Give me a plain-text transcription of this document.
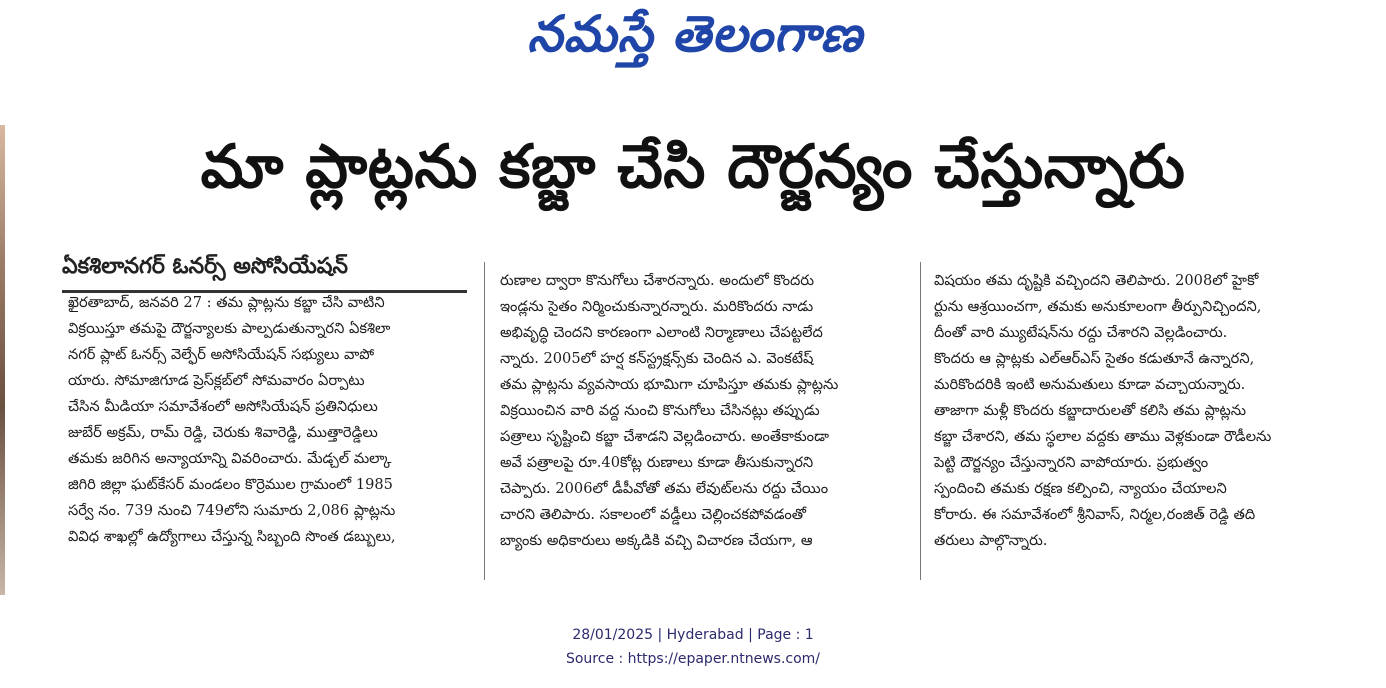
నమస్తే తెలంగాణ
మా ప్లాట్లను కబ్జా చేసి దౌర్జన్యం చేస్తున్నారు
ఏకశిలానగర్ ఓనర్స్ అసోసియేషన్

ఖైరతాబాద్, జనవరి 27 : తమ ప్లాట్లను కబ్జా చేసి వాటిని

విక్రయిస్తూ తమపై దౌర్జన్యాలకు పాల్పడుతున్నారని ఏకశిలా

నగర్ ప్లాట్ ఓనర్స్ వెల్ఫేర్ అసోసియేషన్ సభ్యులు వాపో

యారు. సోమాజిగూడ ప్రెస్‌క్లబ్‌లో సోమవారం ఏర్పాటు

చేసిన మీడియా సమావేశంలో అసోసియేషన్ ప్రతినిధులు

జుబేర్ అక్రమ్, రామ్ రెడ్డి, చెరుకు శివారెడ్డి, ముత్తారెడ్డిలు

తమకు జరిగిన అన్యాయాన్ని వివరించారు. మేడ్చల్ మల్కా

జిగిరి జిల్లా ఘట్‌కేసర్ మండలం కొర్రెముల గ్రామంలో 1985

సర్వే నం. 739 నుంచి 749లోని సుమారు 2,086 ప్లాట్లను

వివిధ శాఖల్లో ఉద్యోగాలు చేస్తున్న సిబ్బంది సొంత డబ్బులు,

రుణాల ద్వారా కొనుగోలు చేశారన్నారు. అందులో కొందరు

ఇండ్లను సైతం నిర్మించుకున్నారన్నారు. మరికొందరు నాడు

అభివృద్ధి చెందని కారణంగా ఎలాంటి నిర్మాణాలు చేపట్టలేద

న్నారు. 2005లో హర్ష కన్‌స్ట్రక్షన్స్‌కు చెందిన ఎ. వెంకటేష్

తమ ప్లాట్లను వ్యవసాయ భూమిగా చూపిస్తూ తమకు ప్లాట్లను

విక్రయించిన వారి వద్ద నుంచి కొనుగోలు చేసినట్లు తప్పుడు

పత్రాలు సృష్టించి కబ్జా చేశాడని వెల్లడించారు. అంతేకాకుండా

అవే పత్రాలపై రూ.40కోట్ల రుణాలు కూడా తీసుకున్నారని

చెప్పారు. 2006లో డీపీవోతో తమ లేవుట్‌లను రద్దు చేయిం

చారని తెలిపారు. సకాలంలో వడ్డీలు చెల్లించకపోవడంతో

బ్యాంకు అధికారులు అక్కడికి వచ్చి విచారణ చేయగా, ఆ

విషయం తమ దృష్టికి వచ్చిందని తెలిపారు. 2008లో హైకో

ర్టును ఆశ్రయించగా, తమకు అనుకూలంగా తీర్పునిచ్చిందని,

దీంతో వారి మ్యుటేషన్‌ను రద్దు చేశారని వెల్లడించారు.

కొందరు ఆ ప్లాట్లకు ఎల్ఆర్ఎస్ సైతం కడుతూనే ఉన్నారని,

మరికొందరికి ఇంటి అనుమతులు కూడా వచ్చాయన్నారు.

తాజాగా మళ్లీ కొందరు కబ్జాదారులతో కలిసి తమ ప్లాట్లను

కబ్జా చేశారని, తమ స్థలాల వద్దకు తాము వెళ్లకుండా రౌడీలను

పెట్టి దౌర్జన్యం చేస్తున్నారని వాపోయారు. ప్రభుత్వం

స్పందించి తమకు రక్షణ కల్పించి, న్యాయం చేయాలని

కోరారు. ఈ సమావేశంలో శ్రీనివాస్, నిర్మల,రంజిత్ రెడ్డి తది

తరులు పాల్గొన్నారు.

28/01/2025 | Hyderabad | Page : 1
Source : https://epaper.ntnews.com/
